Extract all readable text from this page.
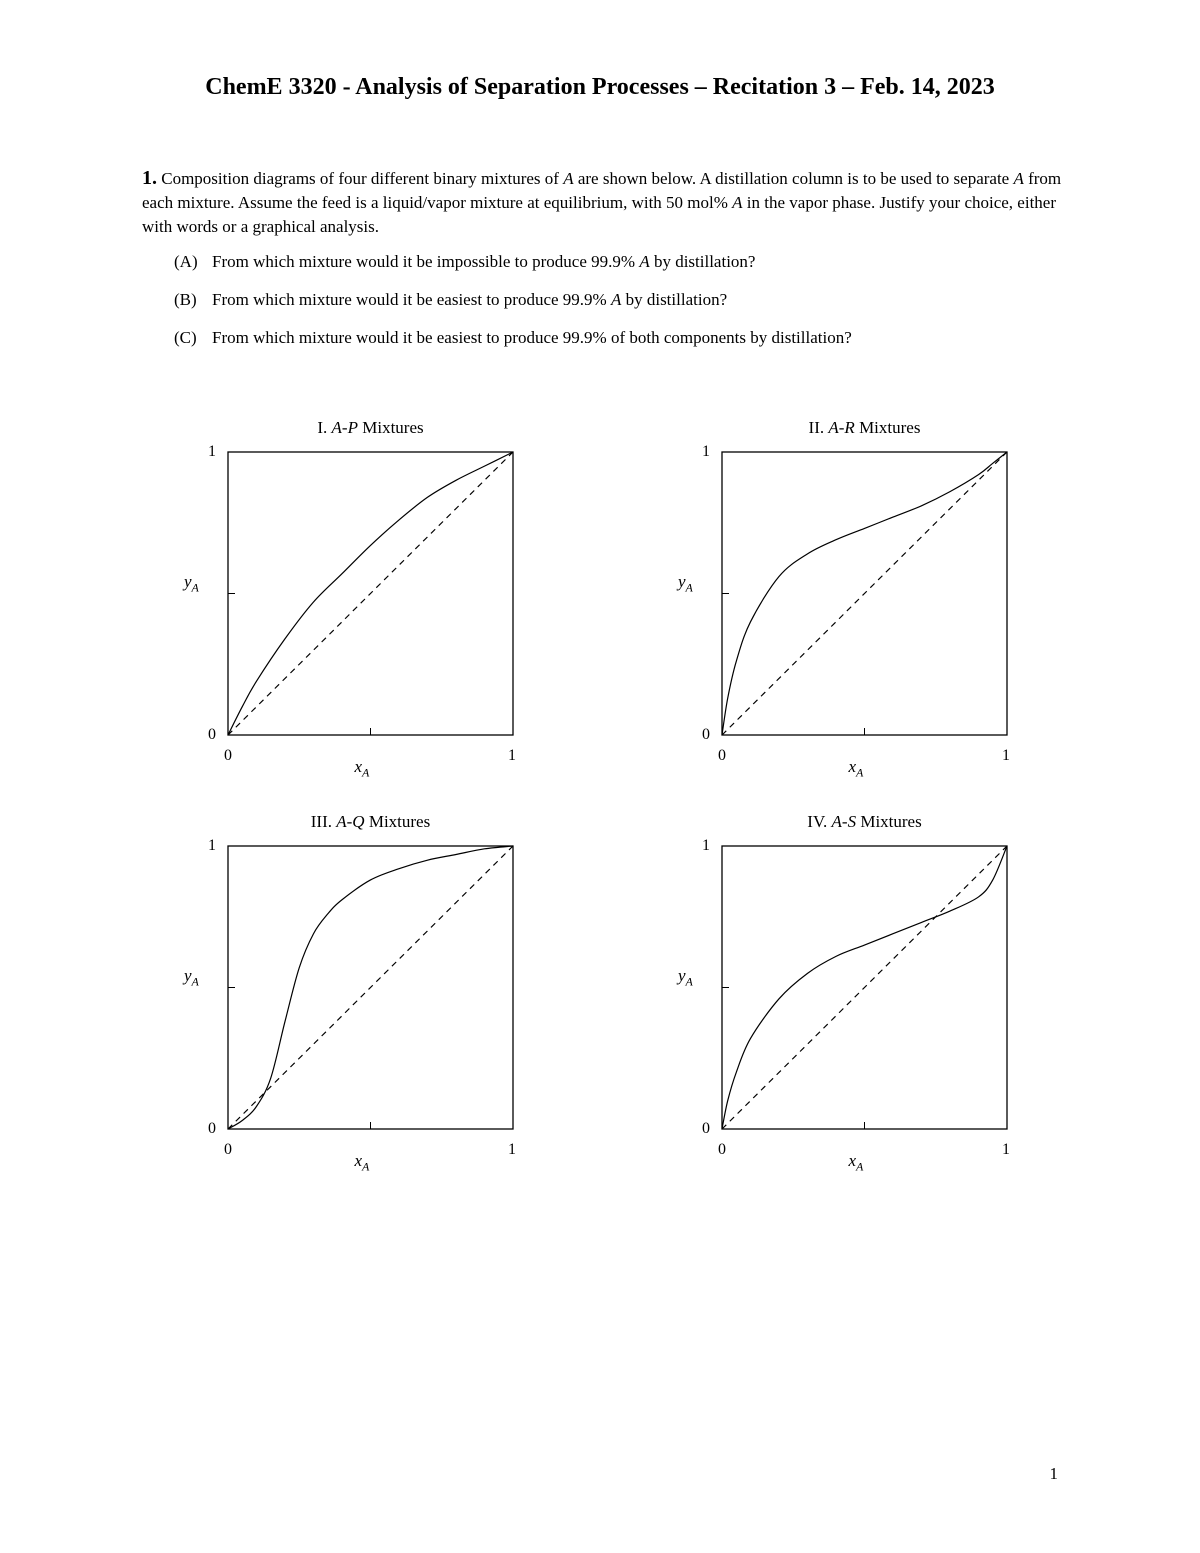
ChemE 3320 - Analysis of Separation Processes – Recitation 3 – Feb. 14, 2023
1. Composition diagrams of four different binary mixtures of A are shown below. A distillation column is to be used to separate A from each mixture. Assume the feed is a liquid/vapor mixture at equilibrium, with 50 mol% A in the vapor phase. Justify your choice, either with words or a graphical analysis.
(A) From which mixture would it be impossible to produce 99.9% A by distillation?
(B) From which mixture would it be easiest to produce 99.9% A by distillation?
(C) From which mixture would it be easiest to produce 99.9% of both components by distillation?
I. A-P Mixtures
1
0
0	1
$y_A$
$x_A$
II. A-R Mixtures
1
0
0	1
$y_A$
$x_A$
III. A-Q Mixtures
1
0
0	1
$y_A$
$x_A$
IV. A-S Mixtures
1
0
0	1
$y_A$
$x_A$
1
